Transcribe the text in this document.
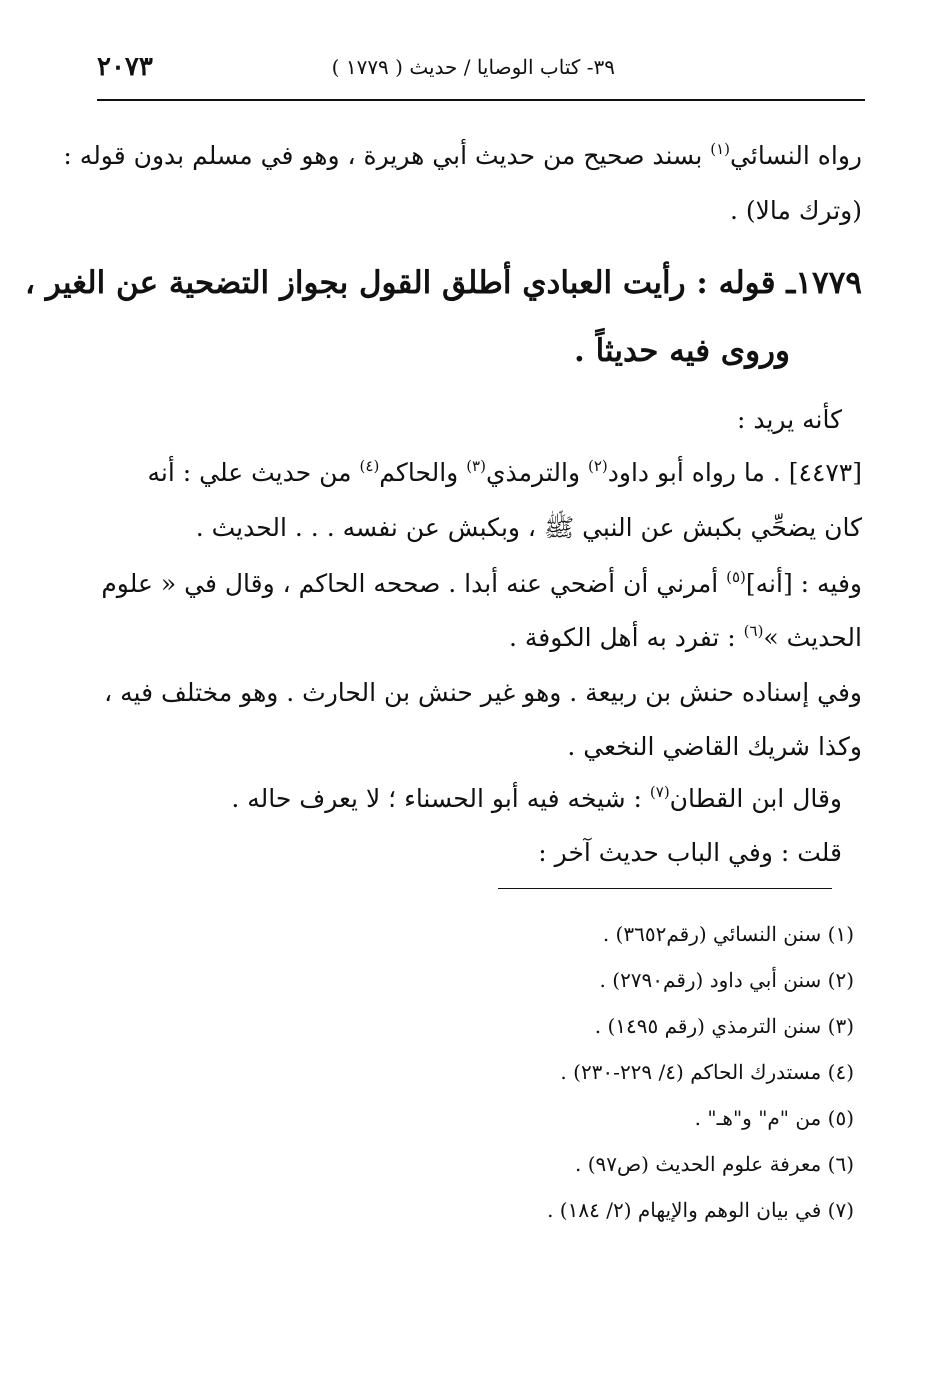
٢٠٧٣	٣٩- كتاب الوصايا / حديث ( ١٧٧٩ )
رواه النسائي$^{(١)}$ بسند صحيح من حديث أبي هريرة ، وهو في مسلم بدون قوله :
(وترك مالا) .
١٧٧٩ـ قوله : رأيت العبادي أطلق القول بجواز التضحية عن الغير ،
وروى فيه حديثاً .
كأنه يريد :
[٤٤٧٣] . ما رواه أبو داود$^{(٢)}$ والترمذي$^{(٣)}$ والحاكم$^{(٤)}$ من حديث علي : أنه
كان يضحِّي بكبش عن النبي ﷺ ، وبكبش عن نفسه . . . الحديث .
وفيه : [أنه]$^{(٥)}$ أمرني أن أضحي عنه أبدا . صححه الحاكم ، وقال في « علوم
الحديث »$^{(٦)}$ : تفرد به أهل الكوفة .
وفي إسناده حنش بن ربيعة . وهو غير حنش بن الحارث . وهو مختلف فيه ،
وكذا شريك القاضي النخعي .
وقال ابن القطان$^{(٧)}$ : شيخه فيه أبو الحسناء ؛ لا يعرف حاله .
قلت : وفي الباب حديث آخر :
(١) سنن النسائي (رقم٣٦٥٢) .
(٢) سنن أبي داود (رقم٢٧٩٠) .
(٣) سنن الترمذي (رقم ١٤٩٥) .
(٤) مستدرك الحاكم (٤/ ٢٢٩-٢٣٠) .
(٥) من "م" و"هـ" .
(٦) معرفة علوم الحديث (ص٩٧) .
(٧) في بيان الوهم والإيهام (٢/ ١٨٤) .
